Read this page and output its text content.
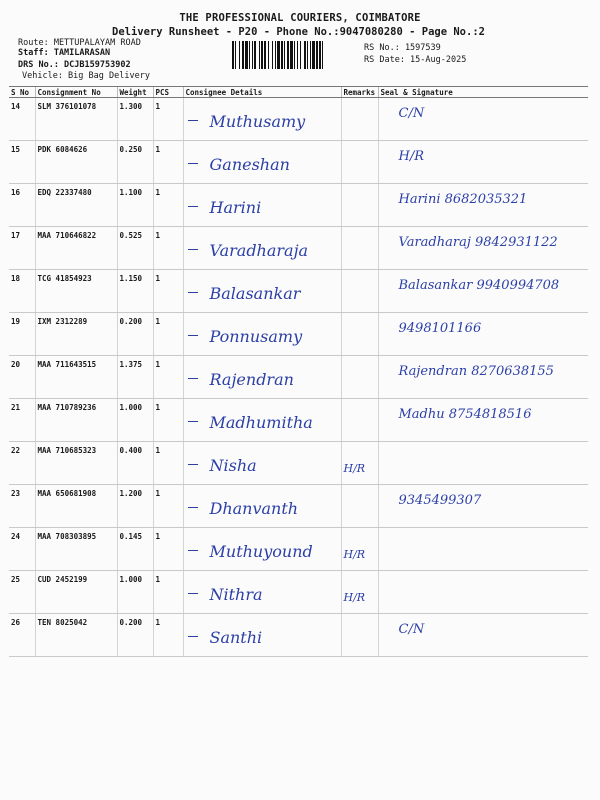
THE PROFESSIONAL COURIERS, COIMBATORE
Delivery Runsheet - P20 - Phone No.:9047080280 - Page No.:2
Route: METTUPALAYAM ROAD
Staff: TAMILARASAN
DRS No.: DCJB159753902
Vehicle: Big Bag Delivery
RS No.: 1597539
RS Date: 15-Aug-2025
S No	Consignment No	Weight	PCS	Consignee Details	Remarks	Seal & Signature
14	SLM 376101078	1.300	1	Muthusamy		C/N

15	PDK 6084626	0.250	1	Ganeshan		H/R

16	EDQ 22337480	1.100	1	Harini		Harini 8682035321

17	MAA 710646822	0.525	1	Varadharaja		Varadharaj 9842931122

18	TCG 41854923	1.150	1	Balasankar		Balasankar 9940994708

19	IXM 2312289	0.200	1	Ponnusamy		9498101166

20	MAA 711643515	1.375	1	Rajendran		Rajendran 8270638155

21	MAA 710789236	1.000	1	Madhumitha		Madhu 8754818516

22	MAA 710685323	0.400	1	Nisha	H/R	

23	MAA 650681908	1.200	1	Dhanvanth		9345499307

24	MAA 708303895	0.145	1	Muthuyound	H/R	

25	CUD 2452199	1.000	1	Nithra	H/R	

26	TEN 8025042	0.200	1	Santhi		C/N
